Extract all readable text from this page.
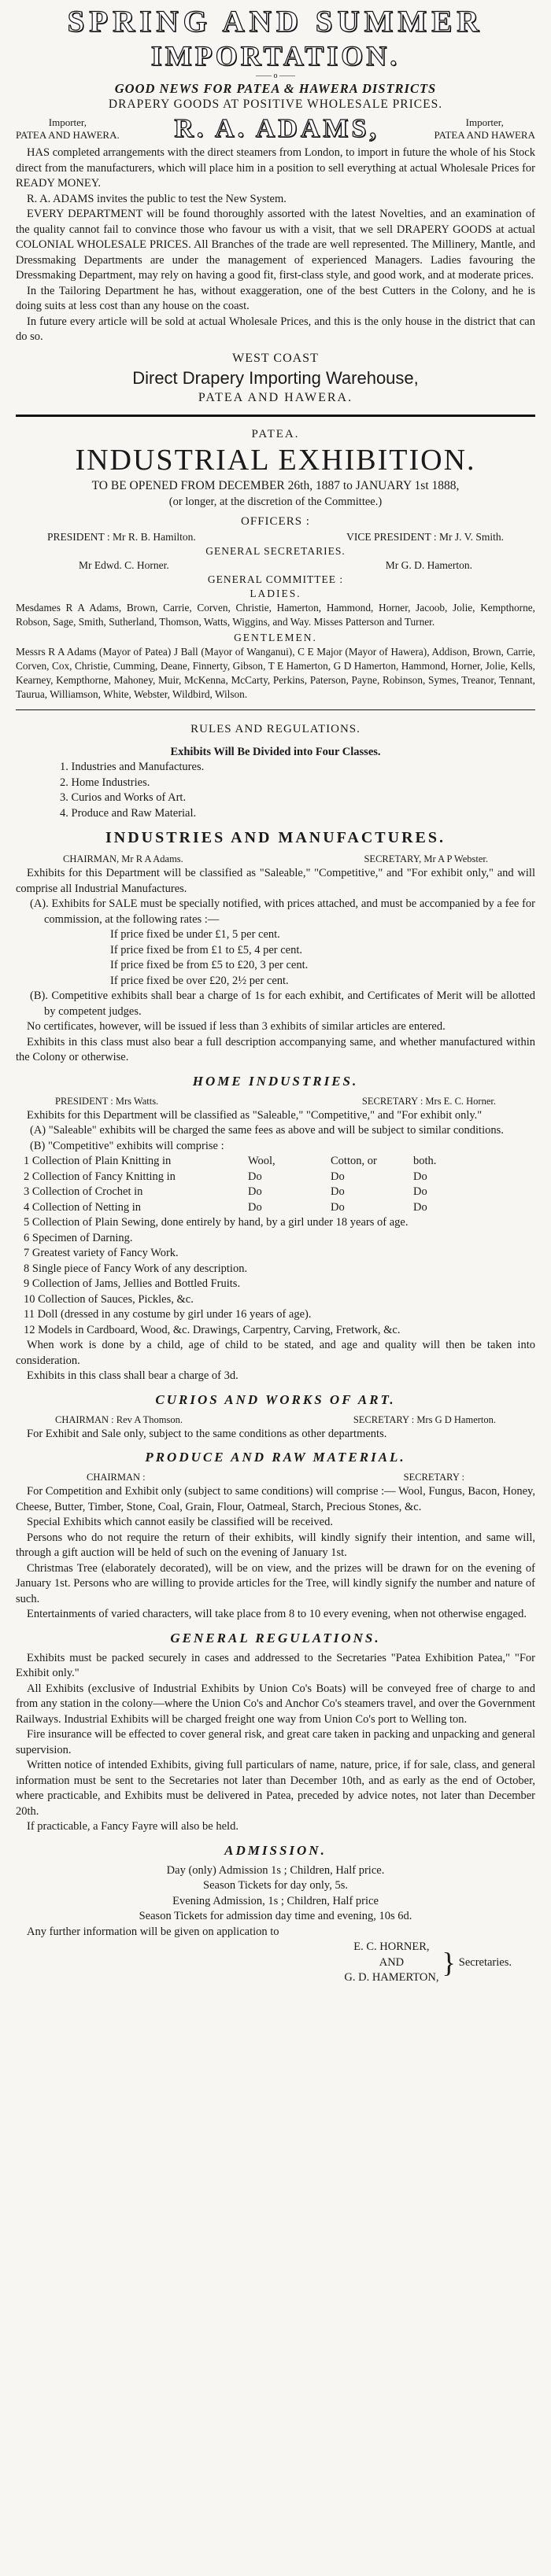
SPRING AND SUMMER
IMPORTATION.
—— o ——
GOOD NEWS FOR PATEA & HAWERA DISTRICTS
DRAPERY GOODS AT POSITIVE WHOLESALE PRICES.
Importer,
PATEA AND HAWERA. R. A. ADAMS,	Importer,
PATEA AND HAWERA

HAS completed arrangements with the direct steamers from London, to import in future the whole of his Stock direct from the manufacturers, which will place him in a position to sell everything at actual Wholesale Prices for READY MONEY.

R. A. ADAMS invites the public to test the New System.

EVERY DEPARTMENT will be found thoroughly assorted with the latest Novelties, and an examination of the quality cannot fail to convince those who favour us with a visit, that we sell DRAPERY GOODS at actual COLONIAL WHOLESALE PRICES. All Branches of the trade are well represented. The Millinery, Mantle, and Dressmaking Departments are under the management of experienced Managers. Ladies favouring the Dressmaking Department, may rely on having a good fit, first-class style, and good work, and at moderate prices.

In the Tailoring Department he has, without exaggeration, one of the best Cutters in the Colony, and he is doing suits at less cost than any house on the coast.

In future every article will be sold at actual Wholesale Prices, and this is the only house in the district that can do so.

WEST COAST
Direct Drapery Importing Warehouse,
PATEA AND HAWERA.
PATEA.
INDUSTRIAL EXHIBITION.
TO BE OPENED FROM DECEMBER 26th, 1887 to JANUARY 1st 1888,
(or longer, at the discretion of the Committee.)
OFFICERS :
PRESIDENT : Mr R. B. Hamilton.	VICE PRESIDENT : Mr J. V. Smith.
GENERAL SECRETARIES.
Mr Edwd. C. Horner.	Mr G. D. Hamerton.
GENERAL COMMITTEE :
LADIES.
Mesdames R A Adams, Brown, Carrie, Corven, Christie, Hamerton, Hammond, Horner, Jacoob, Jolie, Kempthorne, Robson, Sage, Smith, Sutherland, Thomson, Watts, Wiggins, and Way. Misses Patterson and Turner.
GENTLEMEN.
Messrs R A Adams (Mayor of Patea) J Ball (Mayor of Wanganui), C E Major (Mayor of Hawera), Addison, Brown, Carrie, Corven, Cox, Christie, Cumming, Deane, Finnerty, Gibson, T E Hamerton, G D Hamerton, Hammond, Horner, Jolie, Kells, Kearney, Kempthorne, Mahoney, Muir, McKenna, McCarty, Perkins, Paterson, Payne, Robinson, Symes, Treanor, Tennant, Taurua, Williamson, White, Webster, Wildbird, Wilson.
RULES AND REGULATIONS.
Exhibits Will Be Divided into Four Classes.
1. Industries and Manufactures.
2. Home Industries.
3. Curios and Works of Art.
4. Produce and Raw Material.
INDUSTRIES AND MANUFACTURES.
CHAIRMAN, Mr R A Adams.	SECRETARY, Mr A P Webster.

Exhibits for this Department will be classified as "Saleable," "Competitive," and "For exhibit only," and will comprise all Industrial Manufactures.

(A). Exhibits for SALE must be specially notified, with prices attached, and must be accompanied by a fee for commission, at the following rates :—

If price fixed be under £1, 5 per cent.
If price fixed be from £1 to £5, 4 per cent.
If price fixed be from £5 to £20, 3 per cent.
If price fixed be over £20, 2½ per cent.

(B). Competitive exhibits shall bear a charge of 1s for each exhibit, and Certificates of Merit will be allotted by competent judges.

No certificates, however, will be issued if less than 3 exhibits of similar articles are entered.

Exhibits in this class must also bear a full description accompanying same, and whether manufactured within the Colony or otherwise.

HOME INDUSTRIES.
PRESIDENT : Mrs Watts.	SECRETARY : Mrs E. C. Horner.

Exhibits for this Department will be classified as "Saleable," "Competitive," and "For exhibit only."

(A) "Saleable" exhibits will be charged the same fees as above and will be subject to similar conditions.

(B) "Competitive" exhibits will comprise :

1 Collection of Plain Knitting in	Wool,	Cotton, or	both.
2 Collection of Fancy Knitting in	Do	Do	Do
3 Collection of Crochet in	Do	Do	Do
4 Collection of Netting in	Do	Do	Do
5 Collection of Plain Sewing, done entirely by hand, by a girl under 18 years of age.
6 Specimen of Darning.
7 Greatest variety of Fancy Work.
8 Single piece of Fancy Work of any description.
9 Collection of Jams, Jellies and Bottled Fruits.
10 Collection of Sauces, Pickles, &c.
11 Doll (dressed in any costume by girl under 16 years of age).
12 Models in Cardboard, Wood, &c. Drawings, Carpentry, Carving, Fretwork, &c.

When work is done by a child, age of child to be stated, and age and quality will then be taken into consideration.

Exhibits in this class shall bear a charge of 3d.

CURIOS AND WORKS OF ART.
CHAIRMAN : Rev A Thomson.	SECRETARY : Mrs G D Hamerton.

For Exhibit and Sale only, subject to the same conditions as other departments.

PRODUCE AND RAW MATERIAL.
CHAIRMAN :	SECRETARY :

For Competition and Exhibit only (subject to same conditions) will comprise :— Wool, Fungus, Bacon, Honey, Cheese, Butter, Timber, Stone, Coal, Grain, Flour, Oatmeal, Starch, Precious Stones, &c.

Special Exhibits which cannot easily be classified will be received.

Persons who do not require the return of their exhibits, will kindly signify their intention, and same will, through a gift auction will be held of such on the evening of January 1st.

Christmas Tree (elaborately decorated), will be on view, and the prizes will be drawn for on the evening of January 1st. Persons who are willing to provide articles for the Tree, will kindly signify the number and nature of such.

Entertainments of varied characters, will take place from 8 to 10 every evening, when not otherwise engaged.

GENERAL REGULATIONS.

Exhibits must be packed securely in cases and addressed to the Secretaries "Patea Exhibition Patea," "For Exhibit only."

All Exhibits (exclusive of Industrial Exhibits by Union Co's Boats) will be conveyed free of charge to and from any station in the colony—where the Union Co's and Anchor Co's steamers travel, and over the Government Railways. Industrial Exhibits will be charged freight one way from Union Co's port to Welling ton.

Fire insurance will be effected to cover general risk, and great care taken in packing and unpacking and general supervision.

Written notice of intended Exhibits, giving full particulars of name, nature, price, if for sale, class, and general information must be sent to the Secretaries not later than December 10th, and as early as the end of October, where practicable, and Exhibits must be delivered in Patea, preceded by advice notes, not later than December 20th.

If practicable, a Fancy Fayre will also be held.

ADMISSION.
Day (only) Admission 1s ; Children, Half price.
Season Tickets for day only, 5s.
Evening Admission, 1s ; Children, Half price
Season Tickets for admission day time and evening, 10s 6d.
Any further information will be given on application to
E. C. HORNER,
AND
G. D. HAMERTON, } Secretaries.
